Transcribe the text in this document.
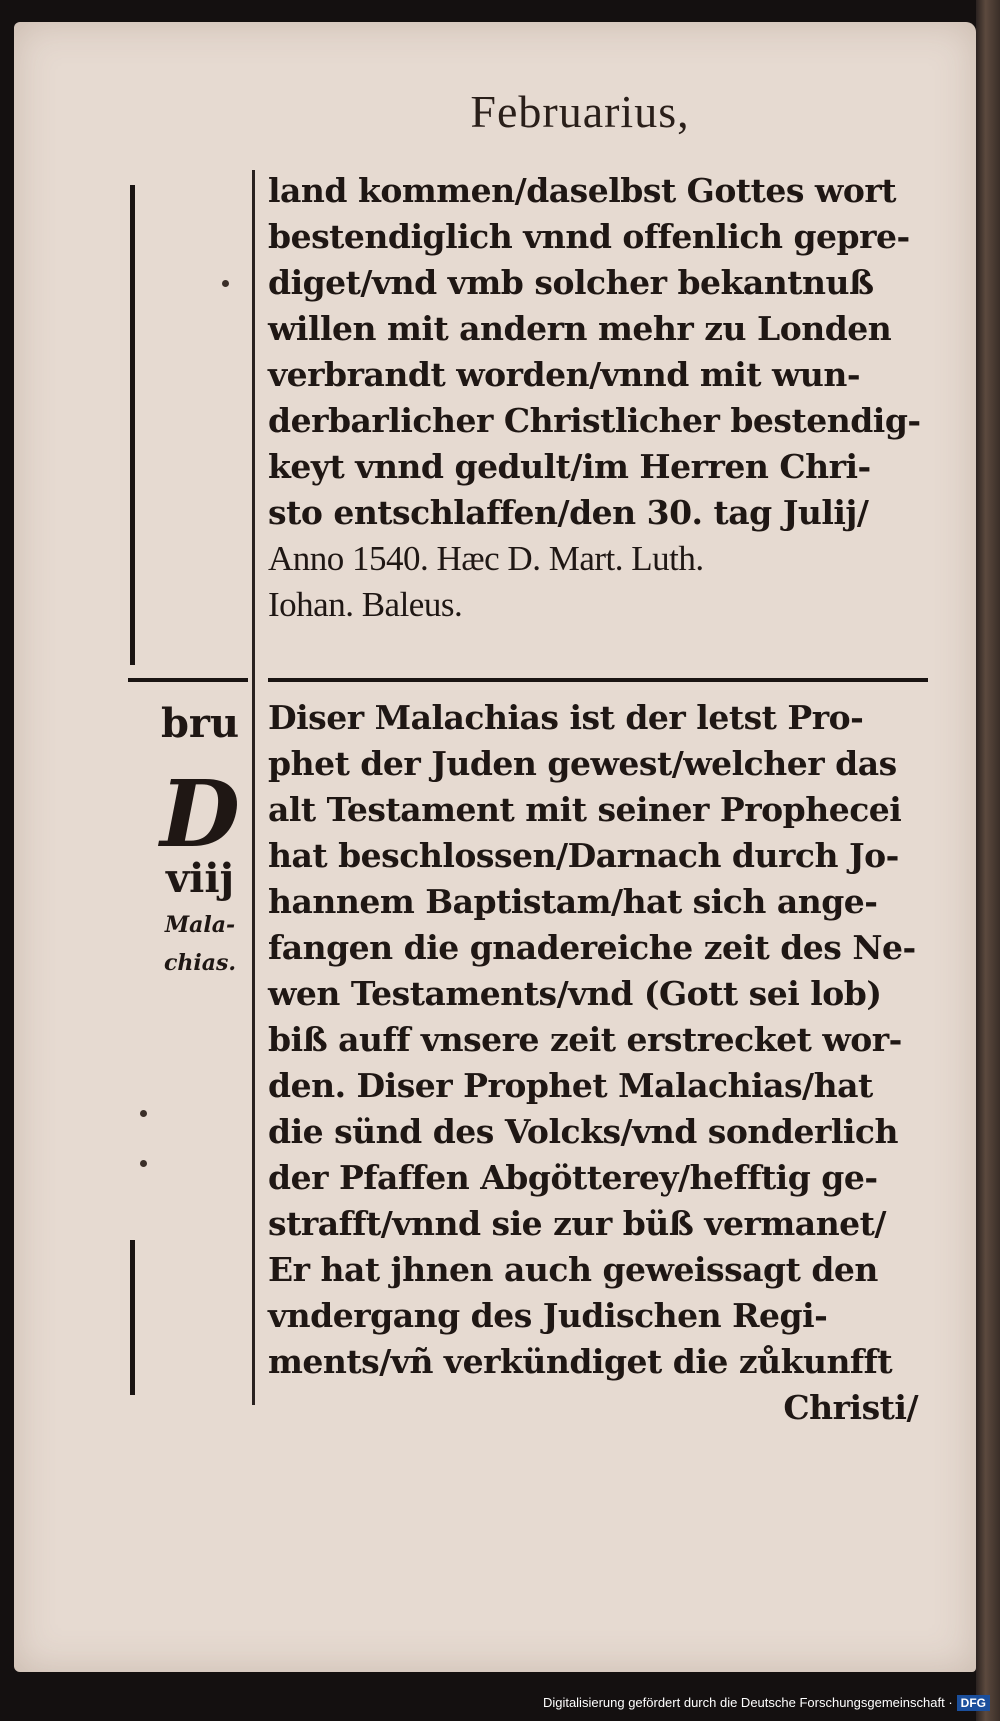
Februarius,
land kommen/daselbst Gottes wort
bestendiglich vnnd offenlich gepre-
diget/vnd vmb solcher bekantnuß
willen mit andern mehr zu Londen
verbrandt worden/vnnd mit wun-
derbarlicher Christlicher bestendig-
keyt vnnd gedult/im Herren Chri-
sto entschlaffen/den 30. tag Julij/
Anno 1540. Hæc D. Mart. Luth.
Iohan. Baleus.
bru
D
viij
Mala-
chias.
Diser Malachias ist der letst Pro-
phet der Juden gewest/welcher das
alt Testament mit seiner Prophecei
hat beschlossen/Darnach durch Jo-
hannem Baptistam/hat sich ange-
fangen die gnadereiche zeit des Ne-
wen Testaments/vnd (Gott sei lob)
biß auff vnsere zeit erstrecket wor-
den. Diser Prophet Malachias/hat
die sünd des Volcks/vnd sonderlich
der Pfaffen Abgötterey/hefftig ge-
strafft/vnnd sie zur büß vermanet/
Er hat jhnen auch geweissagt den
vndergang des Judischen Regi-
ments/vñ verkündiget die zůkunfft
Christi/
Digitalisierung gefördert durch die Deutsche Forschungsgemeinschaft · DFG
